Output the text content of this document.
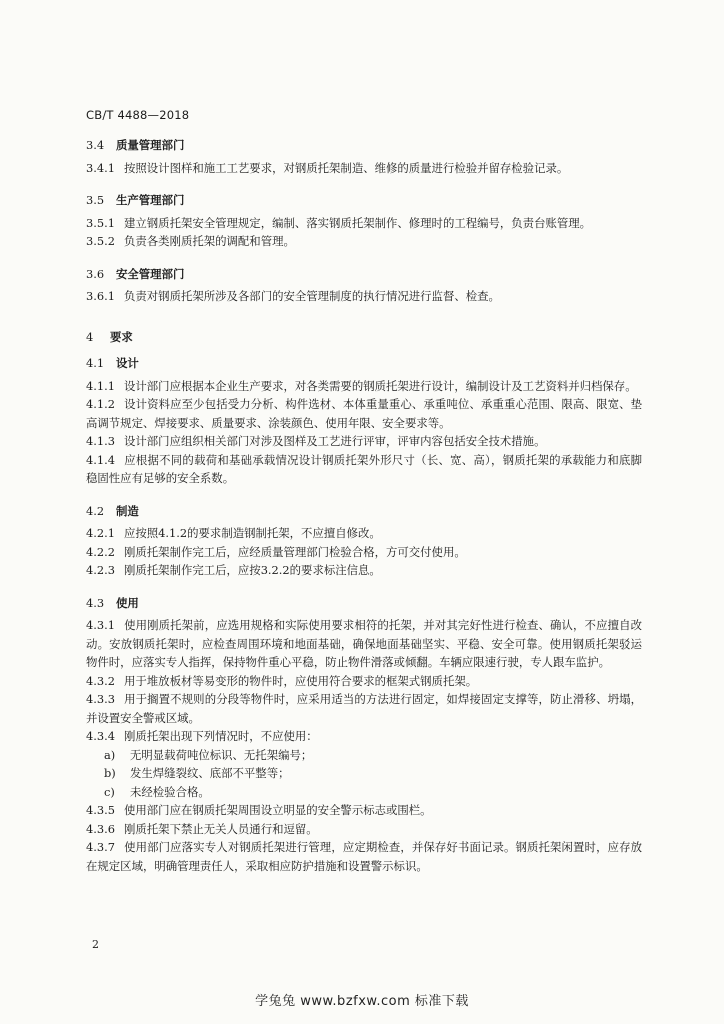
CB/T 4488—2018
3.4 质量管理部门

3.4.1 按照设计图样和施工工艺要求，对钢质托架制造、维修的质量进行检验并留存检验记录。

3.5 生产管理部门

3.5.1 建立钢质托架安全管理规定，编制、落实钢质托架制作、修理时的工程编号，负责台账管理。

3.5.2 负责各类刚质托架的调配和管理。

3.6 安全管理部门

3.6.1 负责对钢质托架所涉及各部门的安全管理制度的执行情况进行监督、检查。

4 要求
4.1 设计

4.1.1 设计部门应根据本企业生产要求，对各类需要的钢质托架进行设计，编制设计及工艺资料并归档保存。

4.1.2 设计资料应至少包括受力分析、构件选材、本体重量重心、承重吨位、承重重心范围、限高、限宽、垫高调节规定、焊接要求、质量要求、涂装颜色、使用年限、安全要求等。

4.1.3 设计部门应组织相关部门对涉及图样及工艺进行评审，评审内容包括安全技术措施。

4.1.4 应根据不同的载荷和基础承载情况设计钢质托架外形尺寸（长、宽、高），钢质托架的承载能力和底脚稳固性应有足够的安全系数。

4.2 制造

4.2.1 应按照4.1.2的要求制造钢制托架，不应擅自修改。

4.2.2 刚质托架制作完工后，应经质量管理部门检验合格，方可交付使用。

4.2.3 刚质托架制作完工后，应按3.2.2的要求标注信息。

4.3 使用

4.3.1 使用刚质托架前，应选用规格和实际使用要求相符的托架，并对其完好性进行检查、确认，不应擅自改动。安放钢质托架时，应检查周围环境和地面基础，确保地面基础坚实、平稳、安全可靠。使用钢质托架驳运物件时，应落实专人指挥，保持物件重心平稳，防止物件滑落或倾翻。车辆应限速行驶，专人跟车监护。

4.3.2 用于堆放板材等易变形的物件时，应使用符合要求的框架式钢质托架。

4.3.3 用于搁置不规则的分段等物件时，应采用适当的方法进行固定，如焊接固定支撑等，防止滑移、坍塌，并设置安全警戒区域。

4.3.4 刚质托架出现下列情况时，不应使用：

a) 无明显载荷吨位标识、无托架编号；

b) 发生焊缝裂纹、底部不平整等；

c) 未经检验合格。

4.3.5 使用部门应在钢质托架周围设立明显的安全警示标志或围栏。

4.3.6 刚质托架下禁止无关人员通行和逗留。

4.3.7 使用部门应落实专人对钢质托架进行管理，应定期检查，并保存好书面记录。钢质托架闲置时，应存放在规定区域，明确管理责任人，采取相应防护措施和设置警示标识。

2
学兔兔 www.bzfxw.com 标准下载
